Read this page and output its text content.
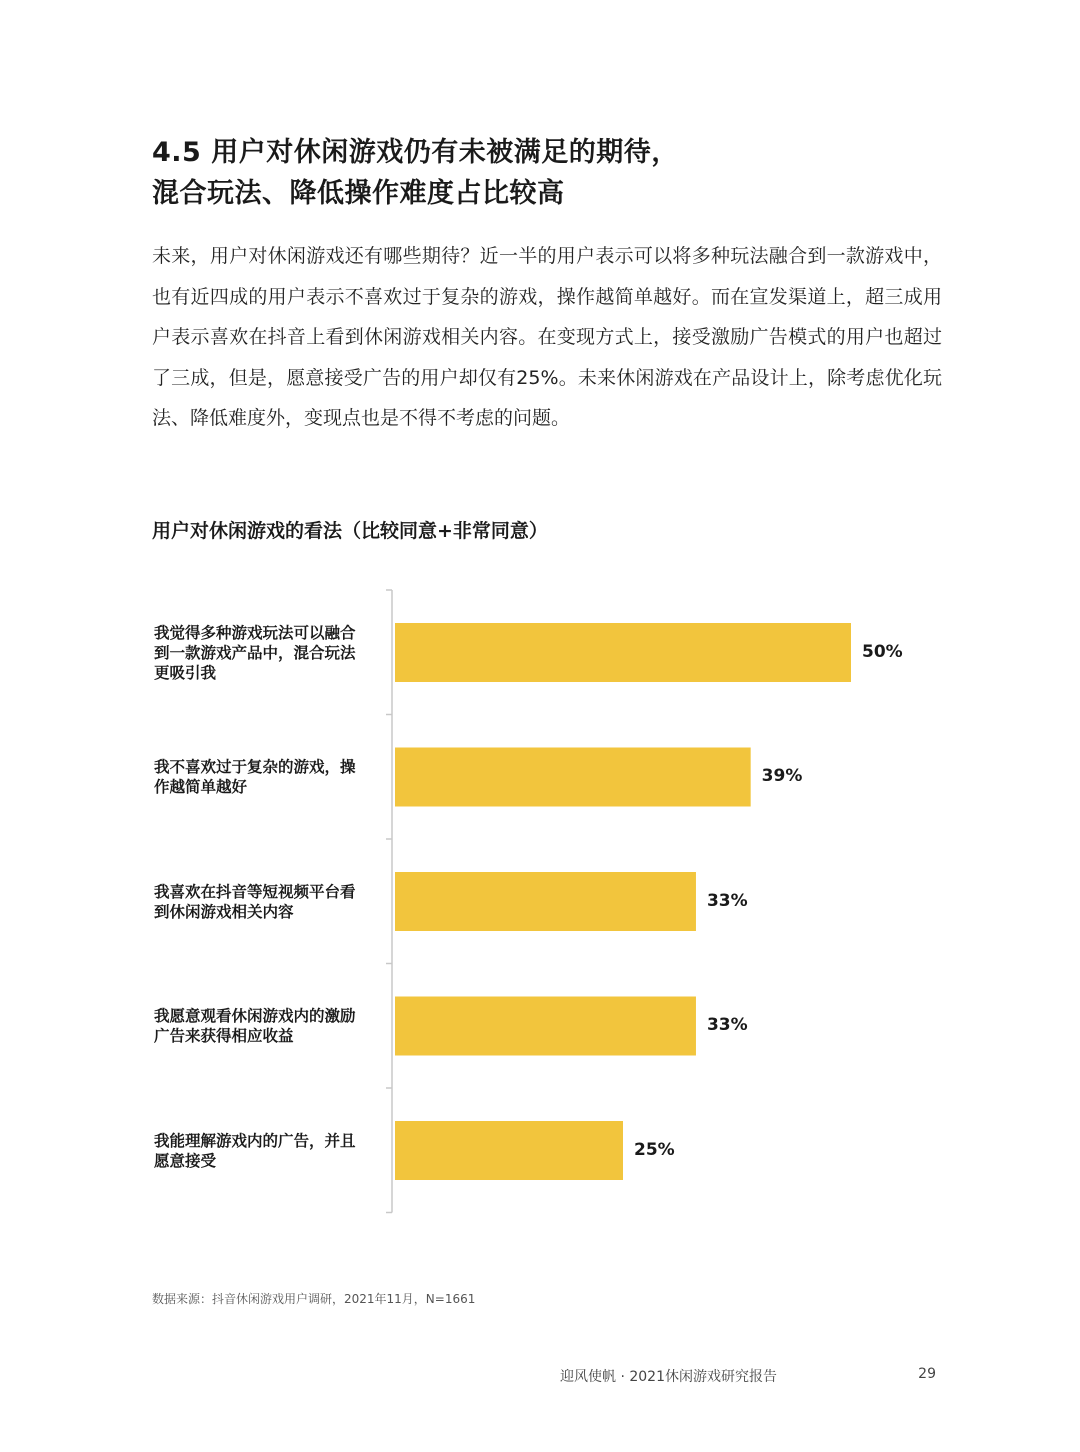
4.5 用户对休闲游戏仍有未被满足的期待，
混合玩法、降低操作难度占比较高
未来，用户对休闲游戏还有哪些期待？近一半的用户表示可以将多种玩法融合到一款游戏中，也有近四成的用户表示不喜欢过于复杂的游戏，操作越简单越好。而在宣发渠道上，超三成用户表示喜欢在抖音上看到休闲游戏相关内容。在变现方式上，接受激励广告模式的用户也超过了三成，但是，愿意接受广告的用户却仅有25%。未来休闲游戏在产品设计上，除考虑优化玩法、降低难度外，变现点也是不得不考虑的问题。
用户对休闲游戏的看法（比较同意+非常同意）
50%
我觉得多种游戏玩法可以融合
到一款游戏产品中，混合玩法
更吸引我
39%
我不喜欢过于复杂的游戏，操
作越简单越好
33%
我喜欢在抖音等短视频平台看
到休闲游戏相关内容
33%
我愿意观看休闲游戏内的激励
广告来获得相应收益
25%
我能理解游戏内的广告，并且
愿意接受
数据来源：抖音休闲游戏用户调研，2021年11月，N=1661
迎风使帆 · 2021休闲游戏研究报告	29
